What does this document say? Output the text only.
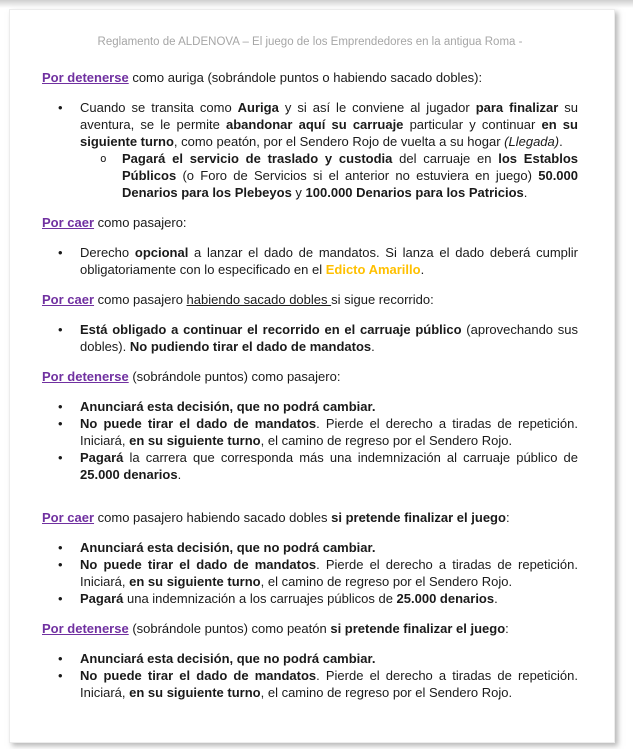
Reglamento de ALDENOVA – El juego de los Emprendedores en la antigua Roma -

Por detenerse como auriga (sobrándole puntos o habiendo sacado dobles):

•	Cuando se transita como Auriga y si así le conviene al jugador para finalizar su aventura, se le permite abandonar aquí su carruaje particular y continuar en su siguiente turno, como peatón, por el Sendero Rojo de vuelta a su hogar (Llegada).
o	Pagará el servicio de traslado y custodia del carruaje en los Establos Públicos (o Foro de Servicios si el anterior no estuviera en juego) 50.000 Denarios para los Plebeyos y 100.000 Denarios para los Patricios.

Por caer como pasajero:

•	Derecho opcional a lanzar el dado de mandatos. Si lanza el dado deberá cumplir obligatoriamente con lo especificado en el Edicto Amarillo.

Por caer como pasajero habiendo sacado dobles si sigue recorrido:

•	Está obligado a continuar el recorrido en el carruaje público (aprovechando sus dobles). No pudiendo tirar el dado de mandatos.

Por detenerse (sobrándole puntos) como pasajero:

•	Anunciará esta decisión, que no podrá cambiar.
•	No puede tirar el dado de mandatos. Pierde el derecho a tiradas de repetición. Iniciará, en su siguiente turno, el camino de regreso por el Sendero Rojo.
•	Pagará la carrera que corresponda más una indemnización al carruaje público de 25.000 denarios.

Por caer como pasajero habiendo sacado dobles si pretende finalizar el juego:

•	Anunciará esta decisión, que no podrá cambiar.
•	No puede tirar el dado de mandatos. Pierde el derecho a tiradas de repetición. Iniciará, en su siguiente turno, el camino de regreso por el Sendero Rojo.
•	Pagará una indemnización a los carruajes públicos de 25.000 denarios.

Por detenerse (sobrándole puntos) como peatón si pretende finalizar el juego:

•	Anunciará esta decisión, que no podrá cambiar.
•	No puede tirar el dado de mandatos. Pierde el derecho a tiradas de repetición. Iniciará, en su siguiente turno, el camino de regreso por el Sendero Rojo.
